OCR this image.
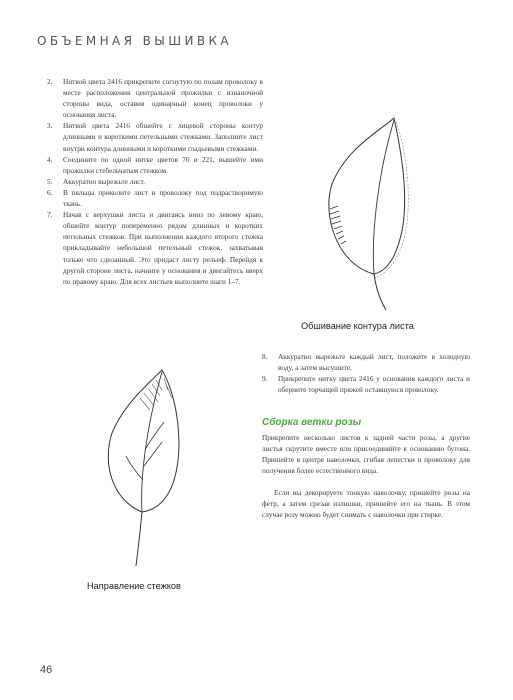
ОБЪЕМНАЯ ВЫШИВКА
2. Ниткой цвета 2416 прикрепите согнутую по полам проволоку в месте расположения центральной прожилки с изнаночной стороны вида, оставив одинарный конец проволоки у основания листа.
3. Ниткой цвета 2416 обшейте с лицевой стороны контур длинными и короткими петельными стежками. Заполните лист внутри контура длинными и короткими гладьевыми стежками.
4. Соедините по одной нитке цветов 70 и 221, вышейте ими прожилки стебельчатым стежком.
5. Аккуратно вырежьте лист.
6. В пяльцы приколите лист и проволоку под подрастворимую ткань.
7. Начав с верхушки листа и двигаясь вниз по левому краю, обшейте контур попеременно рядом длинных и коротких петельных стежков. При выполнении каждого второго стежка прикладывайте небольшой петельный стежок, захватывая только что сделанный. Это придаст листу рельеф. Перейдя к другой стороне листа, начните у основания и двигайтесь вверх по правому краю. Для всех листьев выполните шаги 1–7.
Обшивание контура листа
Направление стежков
8. Аккуратно вырежьте каждый лист, положите в холодную воду, а затем высушите.
9. Прикрепите нитку цвета 2416 у основания каждого листа и оберните торчащей пряжей оставшуюся проволоку.
Сборка ветки розы

Прикрепите несколько листов к задней части розы, а другие листья скрутите вместе или присоединяйте к основанию бутона. Пришейте в центре наволочки, сгибая лепестки и проволоку для получения более естественного вида.

Если вы декорируете тонкую наволочку, пришейте розы на фетр, а затем срезав излишки, пришейте его на ткань. В этом случае розу можно будет снимать с наволочки при стирке.

46
